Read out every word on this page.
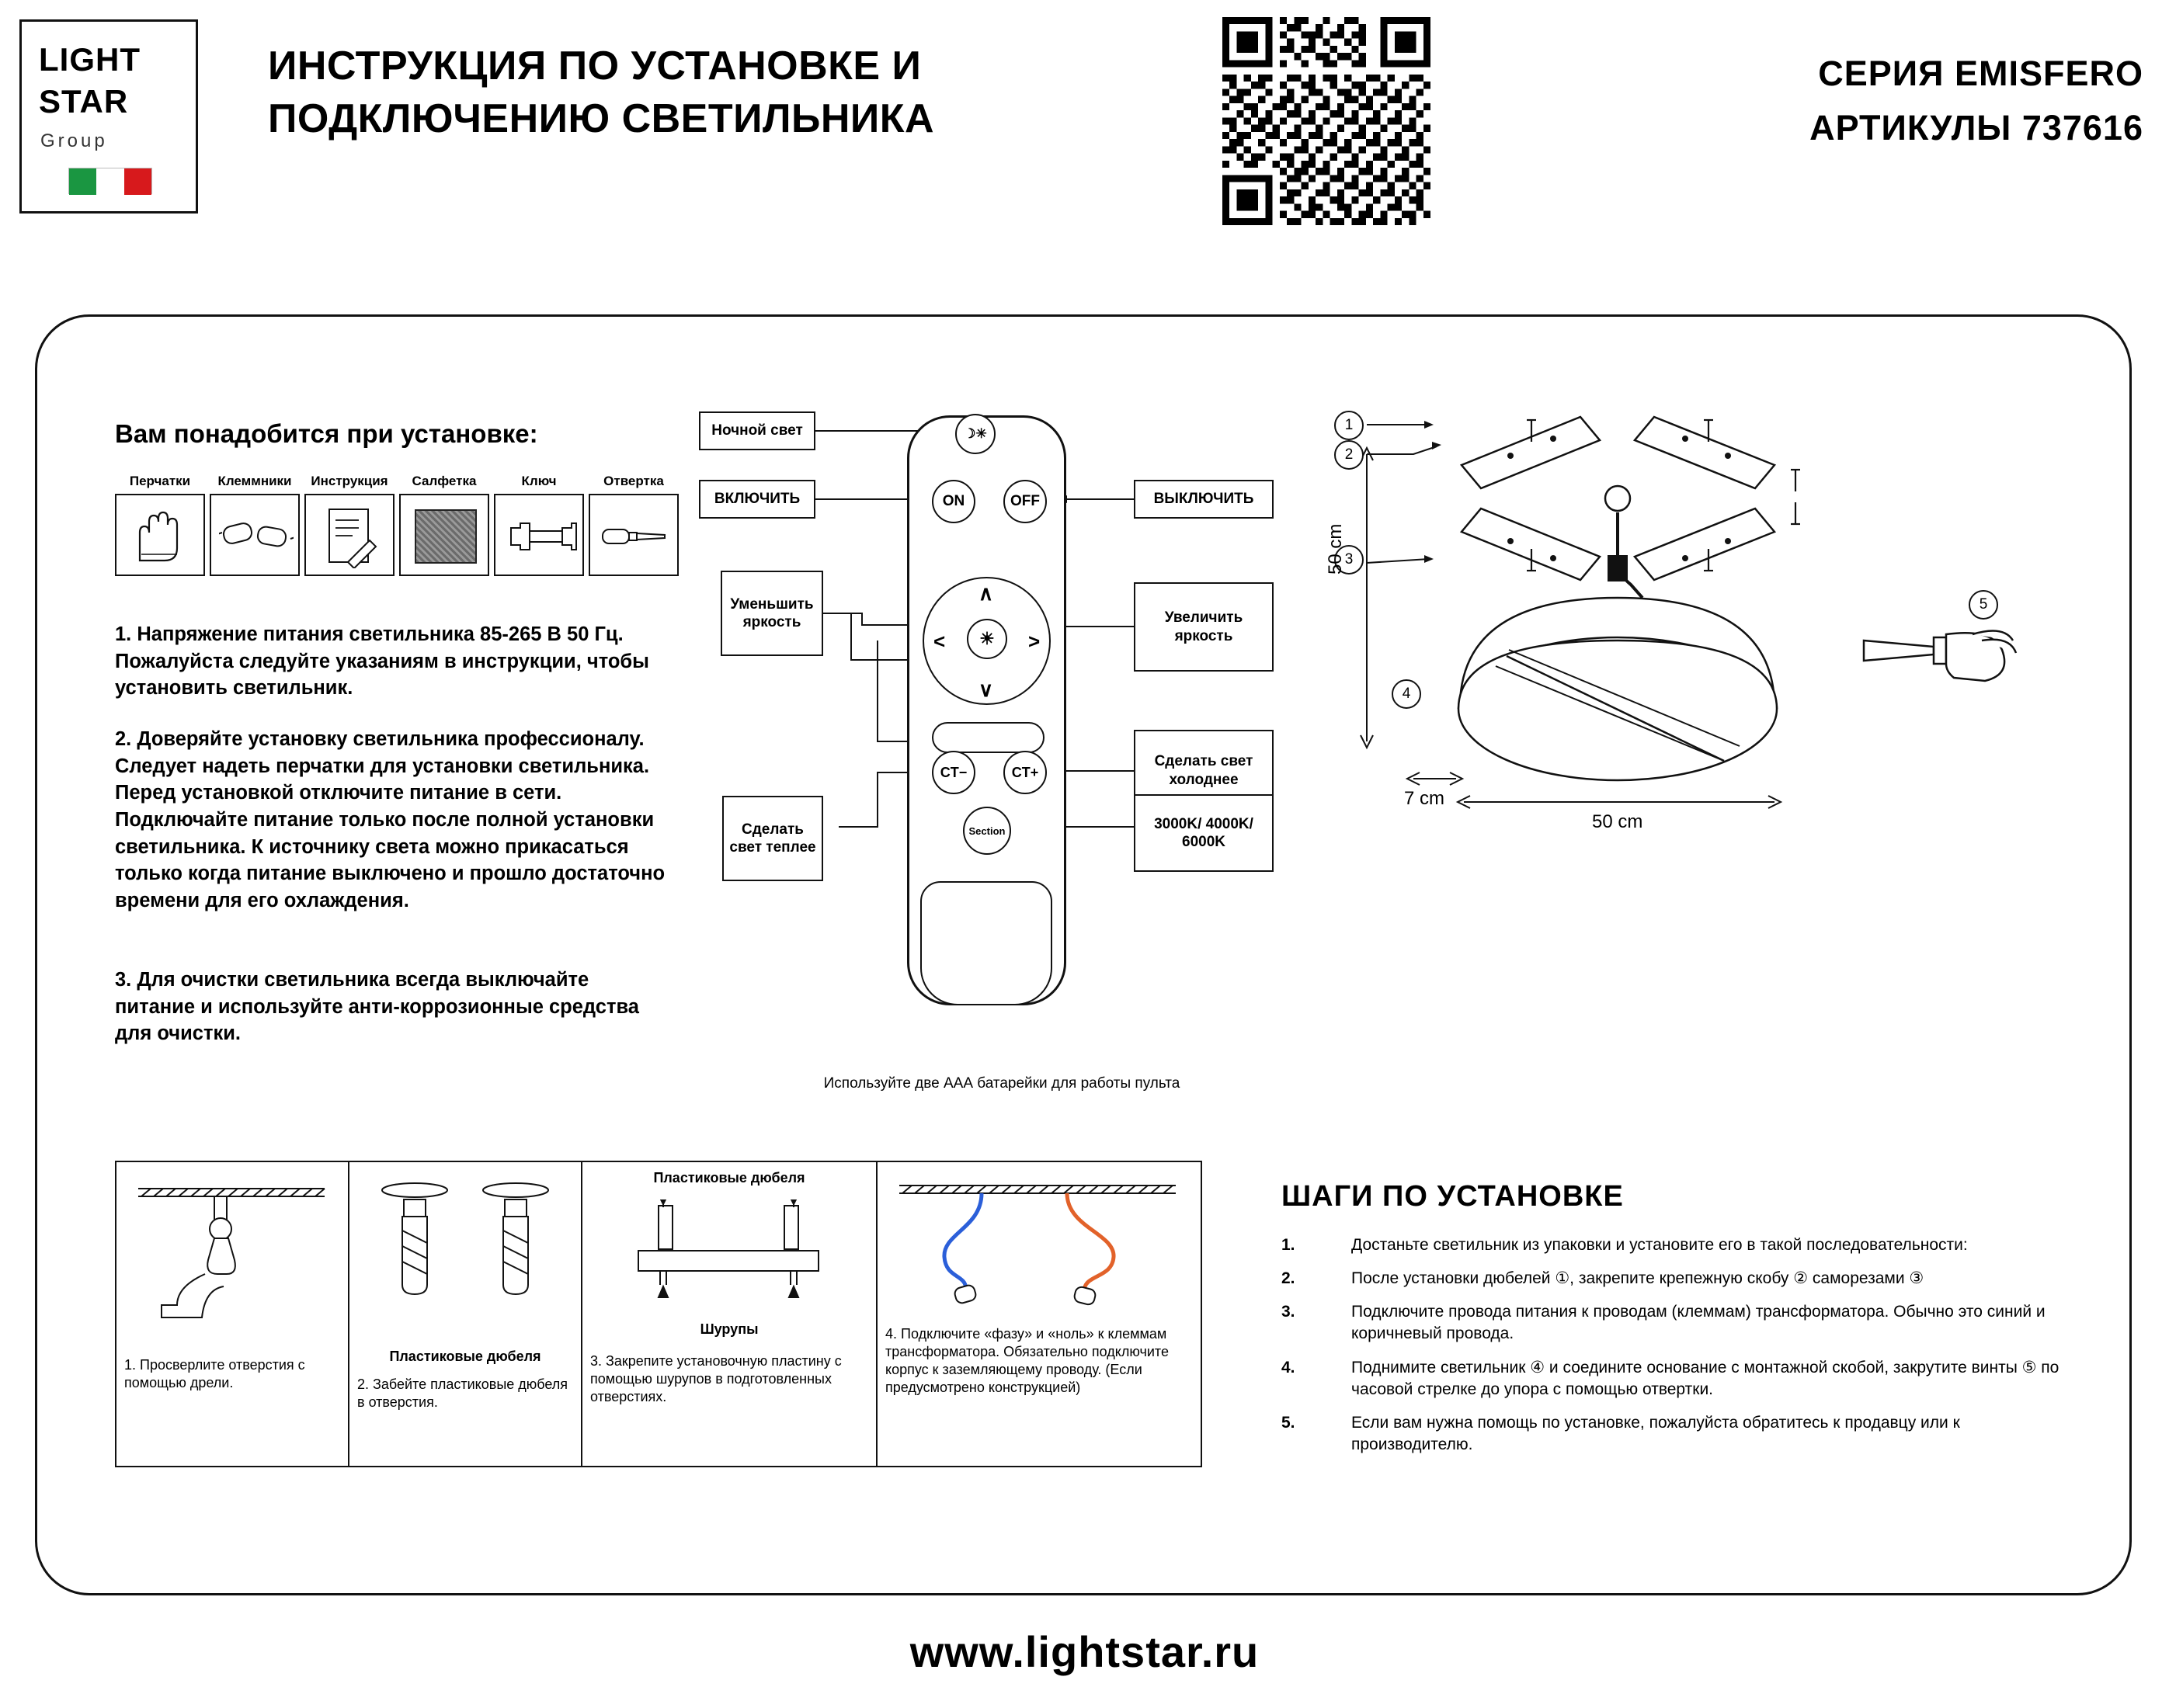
LIGHT
STAR
Group
ИНСТРУКЦИЯ ПО УСТАНОВКЕ И ПОДКЛЮЧЕНИЮ СВЕТИЛЬНИКА
СЕРИЯ EMISFERO
АРТИКУЛЫ 737616
Вам понадобится при установке:
Перчатки	Клеммники	Инструкция	Салфетка	Ключ	Отвертка
1. Напряжение питания светильника 85-265 В 50 Гц. Пожалуйста следуйте указаниям в инструкции, чтобы установить светильник.
2. Доверяйте установку светильника профессионалу. Следует надеть перчатки для установки светильника. Перед установкой отключите питание в сети. Подключайте питание только после полной установки светильника. К источнику света можно прикасаться только когда питание выключено и прошло достаточно времени для его охлаждения.
3. Для очистки светильника всегда выключайте питание и используйте анти-коррозионные средства для очистки.
Ночной свет
ВКЛЮЧИТЬ
Уменьшить яркость
Сделать свет теплее
ВЫКЛЮЧИТЬ
Увеличить яркость
Сделать свет холоднее
3000K/ 4000K/ 6000K
☽✳
ON	OFF
∧
∨
<	>
☀
CT−	CT+
Section
Используйте две ААА батарейки для работы пульта
1
2
3
4
5
50 cm
7 cm
50 cm
1. Просверлите отверстия с помощью дрели.
Пластиковые дюбеля
2. Забейте пластиковые дюбеля в отверстия.
Пластиковые дюбеля
Шурупы
3. Закрепите установочную пластину с помощью шурупов в подготовленных отверстиях.
4. Подключите «фазу» и «ноль» к клеммам трансформатора. Обязательно подключите корпус к заземляющему проводу. (Если предусмотрено конструкцией)
ШАГИ ПО УСТАНОВКЕ
1.	Достаньте светильник из упаковки и установите его в такой последовательности:
2.	После установки дюбелей ①, закрепите крепежную скобу ② саморезами ③
3.	Подключите провода питания к проводам (клеммам) трансформатора. Обычно это синий и коричневый провода.
4.	Поднимите светильник ④ и соедините основание с монтажной скобой, закрутите винты ⑤ по часовой стрелке до упора с помощью отвертки.
5.	Если вам нужна помощь по установке, пожалуйста обратитесь к продавцу или к производителю.
www.lightstar.ru
